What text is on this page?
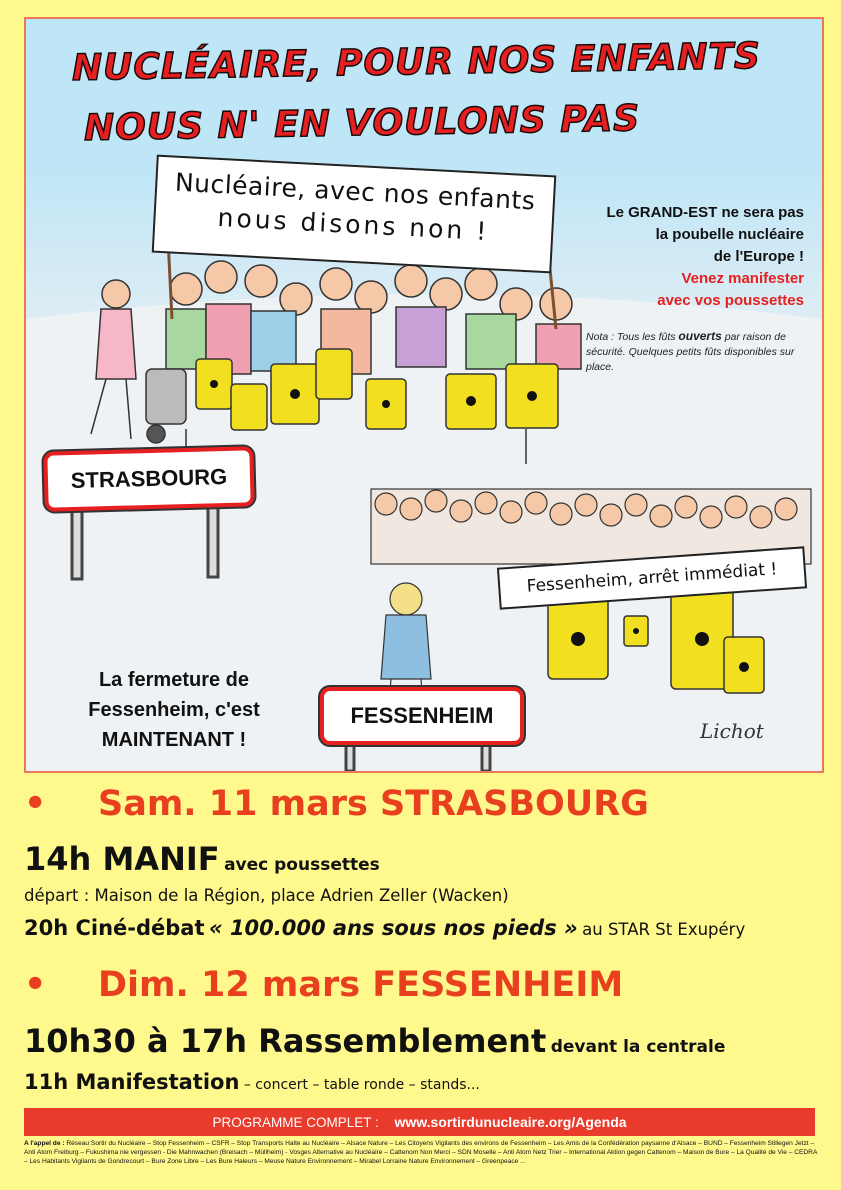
NUCLÉAIRE, POUR NOS ENFANTS
NOUS N' EN VOULONS PAS
Nucléaire, avec nos enfants
nous disons non !	Le GRAND-EST ne sera pas
la poubelle nucléaire
de l'Europe !
Venez manifester
avec vos poussettes
Nota : Tous les fûts ouverts par raison de sécurité. Quelques petits fûts disponibles sur place.
STRASBOURG
Fessenheim, arrêt immédiat !
FESSENHEIM
La fermeture de
Fessenheim, c'est
MAINTENANT !	Lichot
• Sam. 11 mars STRASBOURG
14h MANIF avec poussettes
départ : Maison de la Région, place Adrien Zeller (Wacken)
20h Ciné-débat « 100.000 ans sous nos pieds » au STAR St Exupéry
• Dim. 12 mars FESSENHEIM
10h30 à 17h Rassemblement devant la centrale
11h Manifestation – concert – table ronde – stands...
PROGRAMME COMPLET : www.sortirdunucleaire.org/Agenda
A l'appel de : Réseau Sortir du Nucléaire – Stop Fessenheim – CSFR – Stop Transports Halte au Nucléaire – Alsace Nature – Les Citoyens Vigilants des environs de Fessenheim – Les Amis de la Confédération paysanne d'Alsace – BUND – Fessenheim Stillegen Jetzt – Anti Atom Freiburg – Fukushima nie vergessen - Die Mahnwachen (Breisach – Müllheim) - Vosges Alternative au Nucléaire – Cattenom Non Merci – SDN Moselle – Anti Atom Netz Trier – International Aktion gegen Cattenom – Maison de Bure – La Qualité de Vie – CEDRA – Les Habitants Vigilants de Gondrecourt – Bure Zone Libre – Les Bure Haleurs – Meuse Nature Environnement – Mirabel Lorraine Nature Environnement – Greenpeace ...
